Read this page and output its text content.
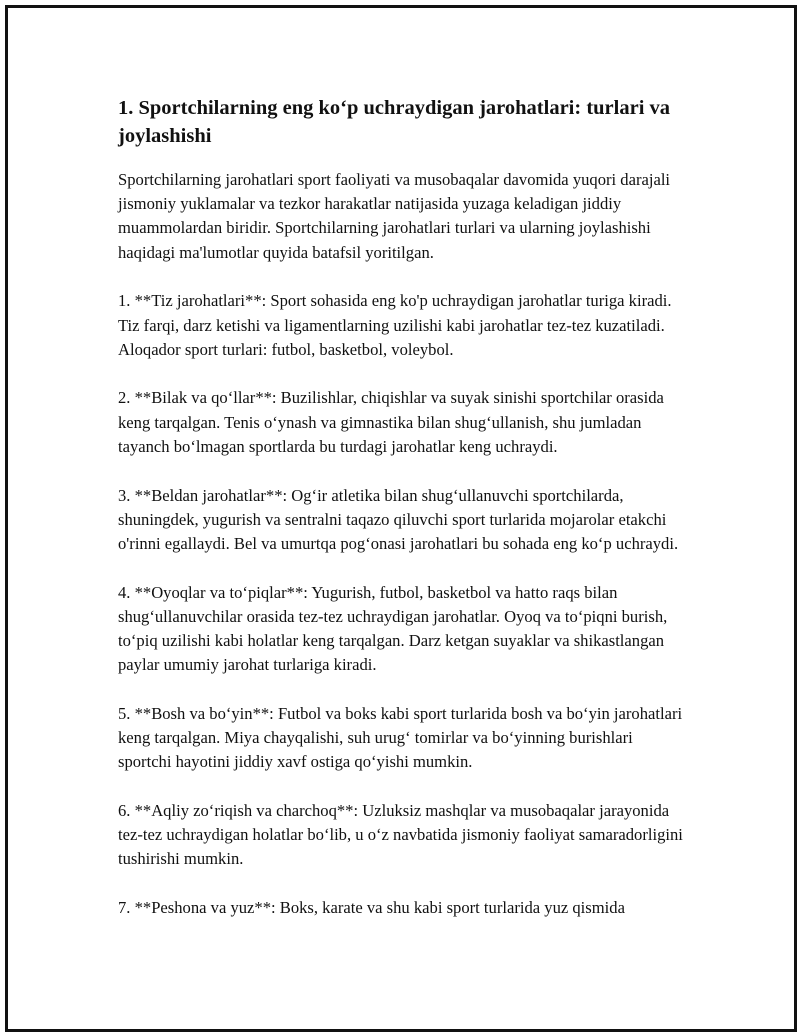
1. Sportchilarning eng ko‘p uchraydigan jarohatlari: turlari va joylashishi

Sportchilarning jarohatlari sport faoliyati va musobaqalar davomida yuqori darajali jismoniy yuklamalar va tezkor harakatlar natijasida yuzaga keladigan jiddiy muammolardan biridir. Sportchilarning jarohatlari turlari va ularning joylashishi haqidagi ma'lumotlar quyida batafsil yoritilgan.

1. **Tiz jarohatlari**: Sport sohasida eng ko'p uchraydigan jarohatlar turiga kiradi. Tiz farqi, darz ketishi va ligamentlarning uzilishi kabi jarohatlar tez-tez kuzatiladi. Aloqador sport turlari: futbol, basketbol, voleybol.

2. **Bilak va qo‘llar**: Buzilishlar, chiqishlar va suyak sinishi sportchilar orasida keng tarqalgan. Tenis o‘ynash va gimnastika bilan shug‘ullanish, shu jumladan tayanch bo‘lmagan sportlarda bu turdagi jarohatlar keng uchraydi.

3. **Beldan jarohatlar**: Og‘ir atletika bilan shug‘ullanuvchi sportchilarda, shuningdek, yugurish va sentralni taqazo qiluvchi sport turlarida mojarolar etakchi o'rinni egallaydi. Bel va umurtqa pog‘onasi jarohatlari bu sohada eng ko‘p uchraydi.

4. **Oyoqlar va to‘piqlar**: Yugurish, futbol, basketbol va hatto raqs bilan shug‘ullanuvchilar orasida tez-tez uchraydigan jarohatlar. Oyoq va to‘piqni burish, to‘piq uzilishi kabi holatlar keng tarqalgan. Darz ketgan suyaklar va shikastlangan paylar umumiy jarohat turlariga kiradi.

5. **Bosh va bo‘yin**: Futbol va boks kabi sport turlarida bosh va bo‘yin jarohatlari keng tarqalgan. Miya chayqalishi, suh urug‘ tomirlar va bo‘yinning burishlari sportchi hayotini jiddiy xavf ostiga qo‘yishi mumkin.

6. **Aqliy zo‘riqish va charchoq**: Uzluksiz mashqlar va musobaqalar jarayonida tez-tez uchraydigan holatlar bo‘lib, u o‘z navbatida jismoniy faoliyat samaradorligini tushirishi mumkin.

7. **Peshona va yuz**: Boks, karate va shu kabi sport turlarida yuz qismida
